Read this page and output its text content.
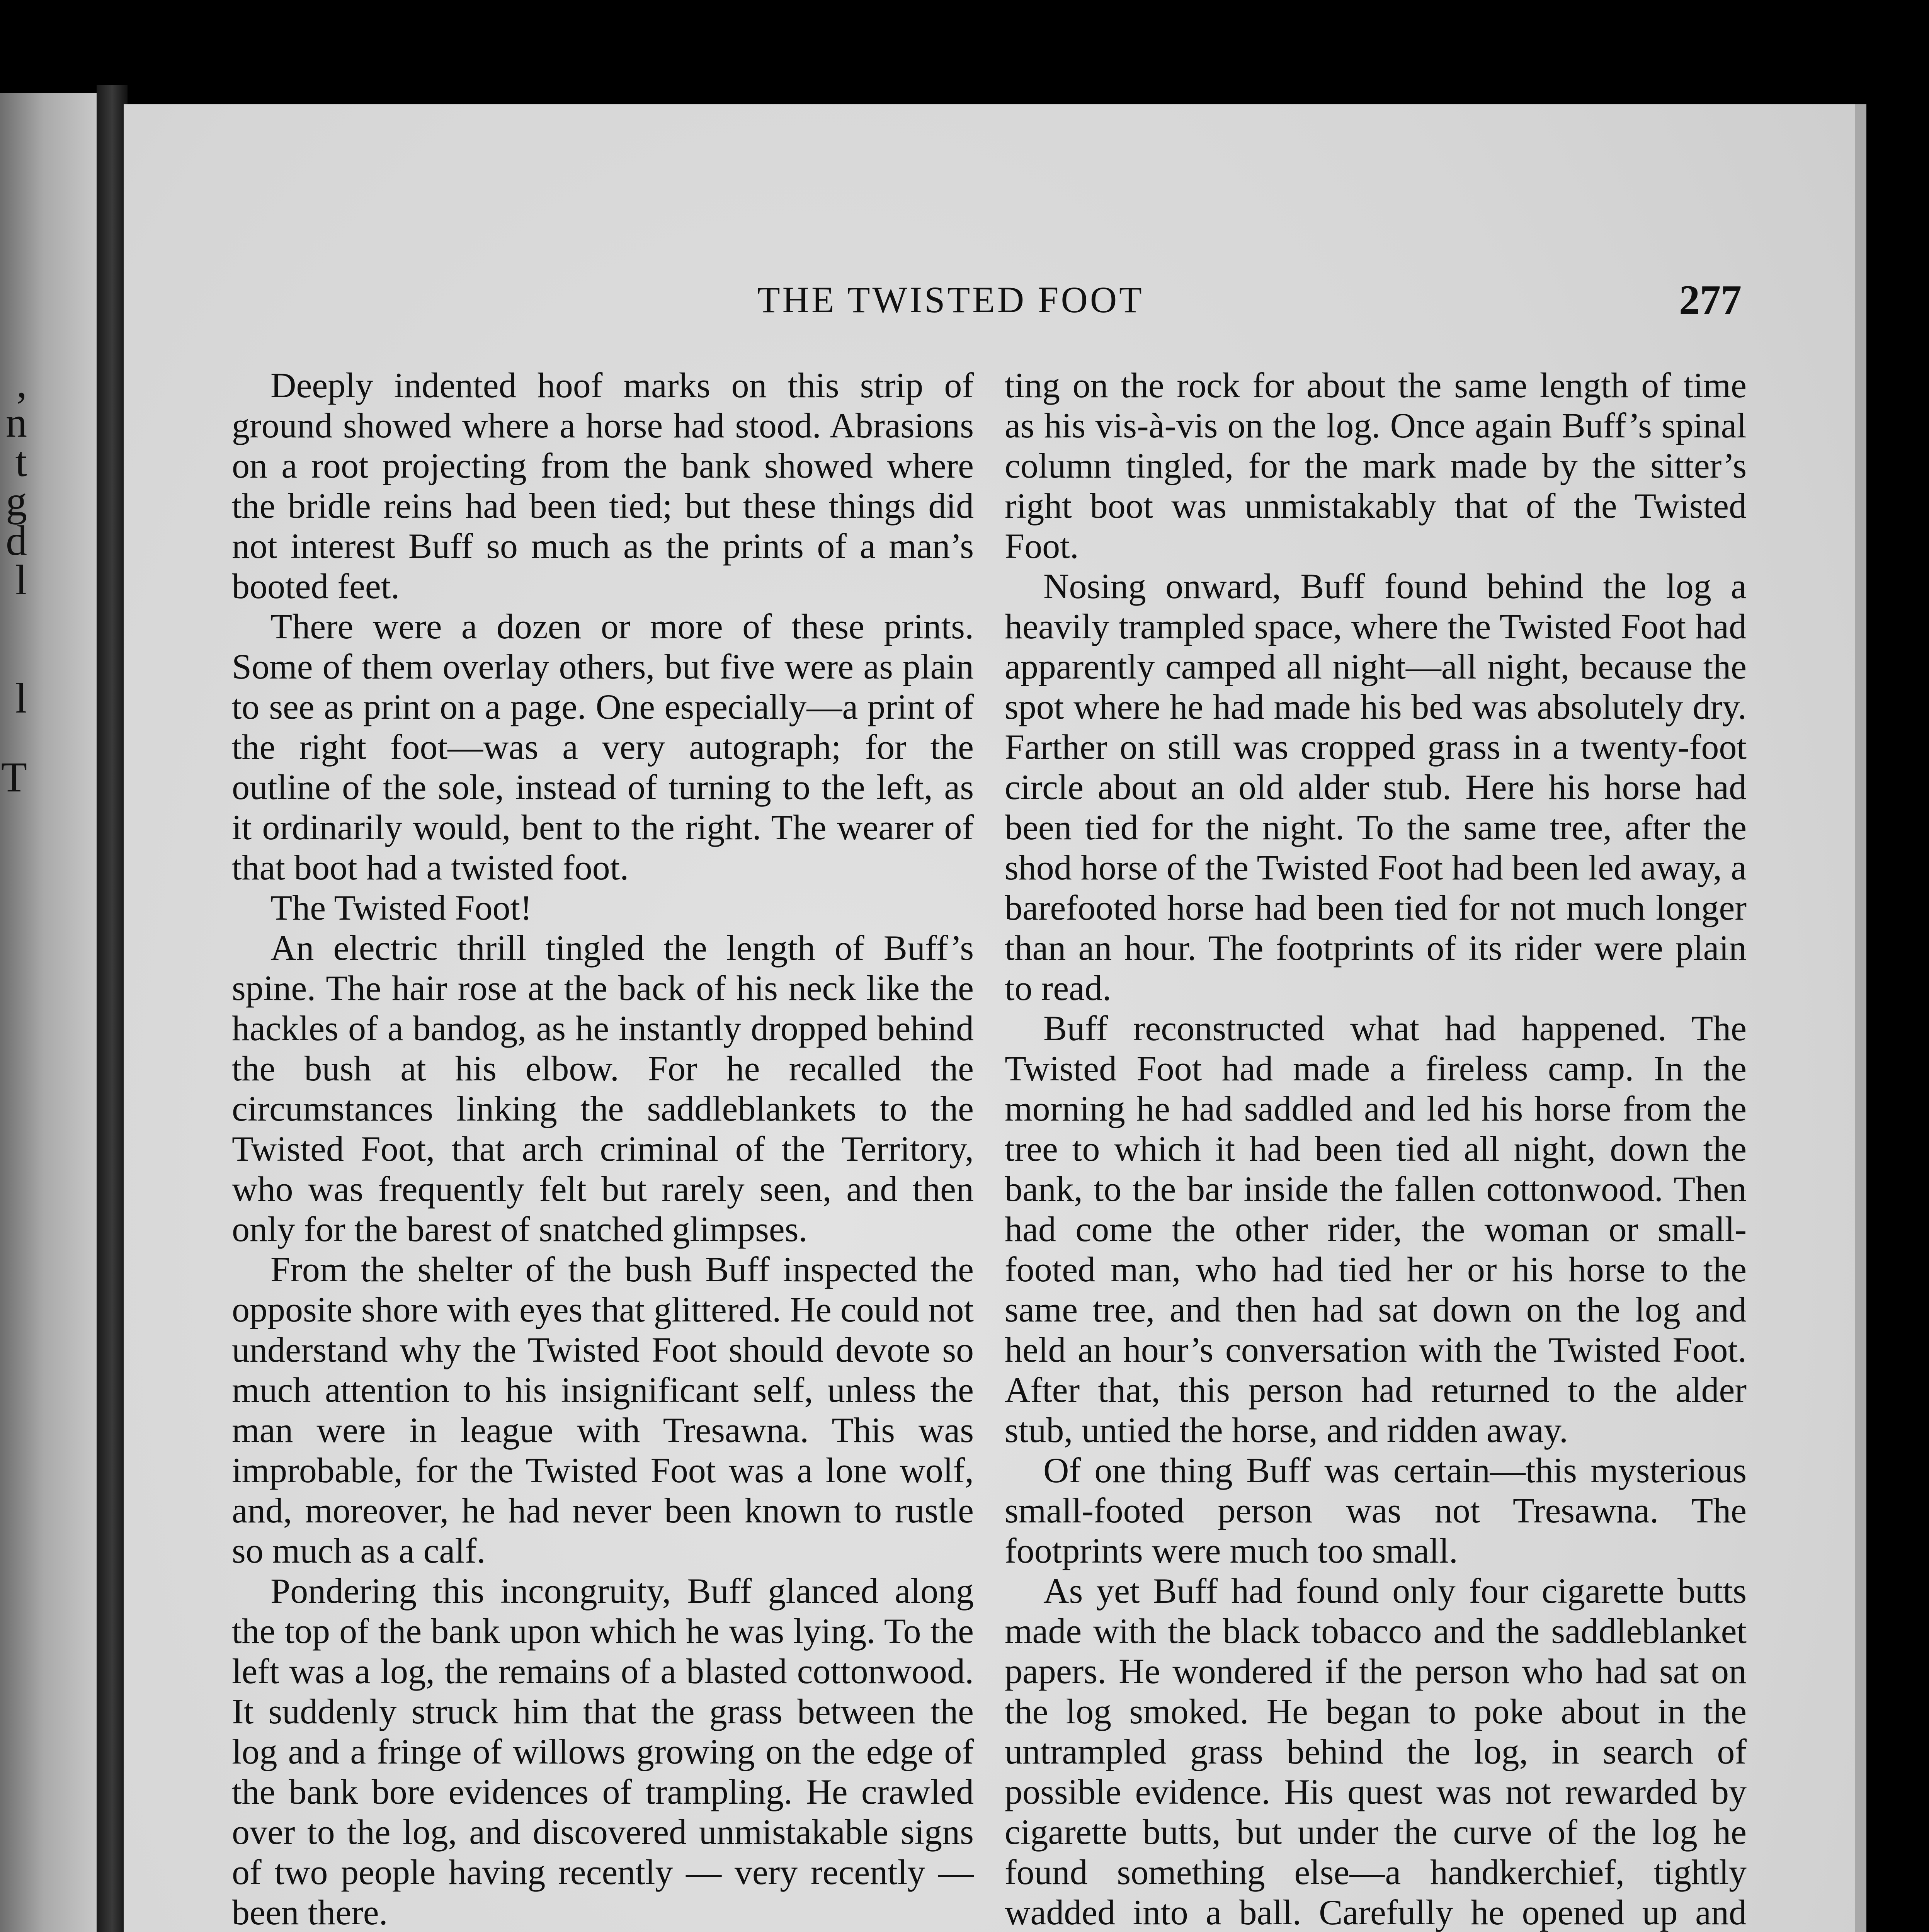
,
n
t
g
d
l

l

T
THE TWISTED FOOT	277

Deeply indented hoof marks on this strip of ground showed where a horse had stood. Abrasions on a root projecting from the bank showed where the bridle reins had been tied; but these things did not interest Buff so much as the prints of a man’s booted feet.

There were a dozen or more of these prints. Some of them overlay others, but five were as plain to see as print on a page. One especially—a print of the right foot—was a very autograph; for the outline of the sole, instead of turning to the left, as it ordinarily would, bent to the right. The wearer of that boot had a twisted foot.

The Twisted Foot!

An electric thrill tingled the length of Buff’s spine. The hair rose at the back of his neck like the hackles of a bandog, as he instantly dropped behind the bush at his elbow. For he recalled the circumstances linking the saddleblankets to the Twisted Foot, that arch criminal of the Territory, who was frequently felt but rarely seen, and then only for the barest of snatched glimpses.

From the shelter of the bush Buff inspected the opposite shore with eyes that glittered. He could not understand why the Twisted Foot should devote so much attention to his insignificant self, unless the man were in league with Tresawna. This was improbable, for the Twisted Foot was a lone wolf, and, moreover, he had never been known to rustle so much as a calf.

Pondering this incongruity, Buff glanced along the top of the bank upon which he was lying. To the left was a log, the remains of a blasted cottonwood. It suddenly struck him that the grass between the log and a fringe of willows growing on the edge of the bank bore evidences of trampling. He crawled over to the log, and discovered unmistakable signs of two people having recently — very recently — been there.

ting on the rock for about the same length of time as his vis-à-vis on the log. Once again Buff’s spinal column tingled, for the mark made by the sitter’s right boot was unmistakably that of the Twisted Foot.

Nosing onward, Buff found behind the log a heavily trampled space, where the Twisted Foot had apparently camped all night—all night, because the spot where he had made his bed was absolutely dry. Farther on still was cropped grass in a twenty-foot circle about an old alder stub. Here his horse had been tied for the night. To the same tree, after the shod horse of the Twisted Foot had been led away, a barefooted horse had been tied for not much longer than an hour. The footprints of its rider were plain to read.

Buff reconstructed what had happened. The Twisted Foot had made a fireless camp. In the morning he had saddled and led his horse from the tree to which it had been tied all night, down the bank, to the bar inside the fallen cottonwood. Then had come the other rider, the woman or small-footed man, who had tied her or his horse to the same tree, and then had sat down on the log and held an hour’s conversation with the Twisted Foot. After that, this person had returned to the alder stub, untied the horse, and ridden away.

Of one thing Buff was certain—this mysterious small-footed person was not Tresawna. The footprints were much too small.

As yet Buff had found only four cigarette butts made with the black tobacco and the saddleblanket papers. He wondered if the person who had sat on the log smoked. He began to poke about in the untrampled grass behind the log, in search of possible evidence. His quest was not rewarded by cigarette butts, but under the curve of the log he found something else—a handkerchief, tightly wadded into a ball. Carefully he opened up and
